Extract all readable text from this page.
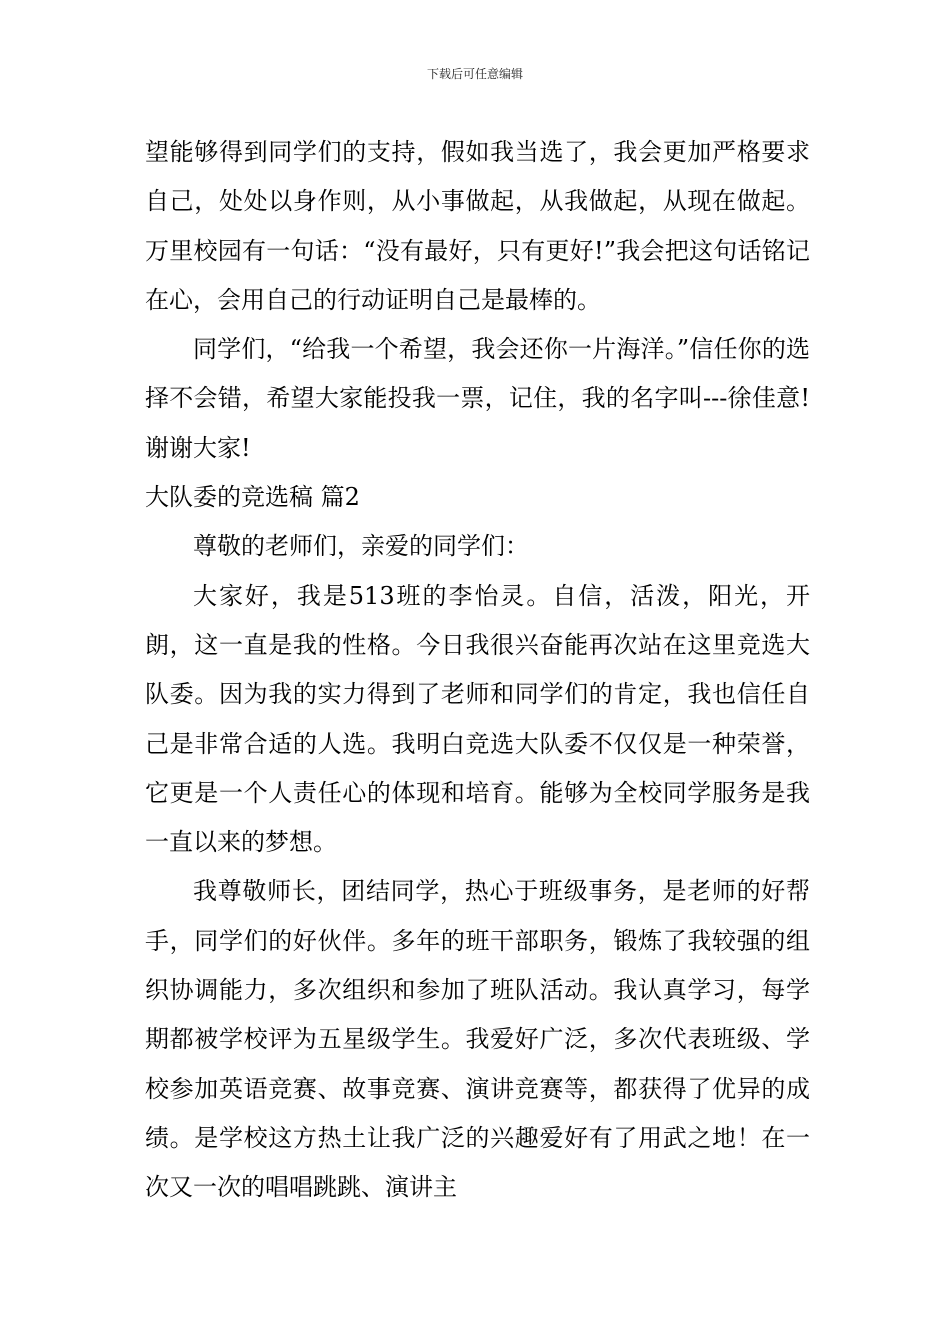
下载后可任意编辑

望能够得到同学们的支持，假如我当选了，我会更加严格要求自己，处处以身作则，从小事做起，从我做起，从现在做起。万里校园有一句话：“没有最好，只有更好!”我会把这句话铭记在心，会用自己的行动证明自己是最棒的。

同学们，“给我一个希望，我会还你一片海洋。”信任你的选择不会错，希望大家能投我一票，记住，我的名字叫---徐佳意!谢谢大家!

大队委的竞选稿 篇2

尊敬的老师们，亲爱的同学们：

大家好，我是513班的李怡灵。自信，活泼，阳光，开朗，这一直是我的性格。今日我很兴奋能再次站在这里竞选大队委。因为我的实力得到了老师和同学们的肯定，我也信任自己是非常合适的人选。我明白竞选大队委不仅仅是一种荣誉，它更是一个人责任心的体现和培育。能够为全校同学服务是我一直以来的梦想。

我尊敬师长，团结同学，热心于班级事务，是老师的好帮手，同学们的好伙伴。多年的班干部职务，锻炼了我较强的组织协调能力，多次组织和参加了班队活动。我认真学习，每学期都被学校评为五星级学生。我爱好广泛，多次代表班级、学校参加英语竞赛、故事竞赛、演讲竞赛等，都获得了优异的成绩。是学校这方热土让我广泛的兴趣爱好有了用武之地！在一次又一次的唱唱跳跳、演讲主
